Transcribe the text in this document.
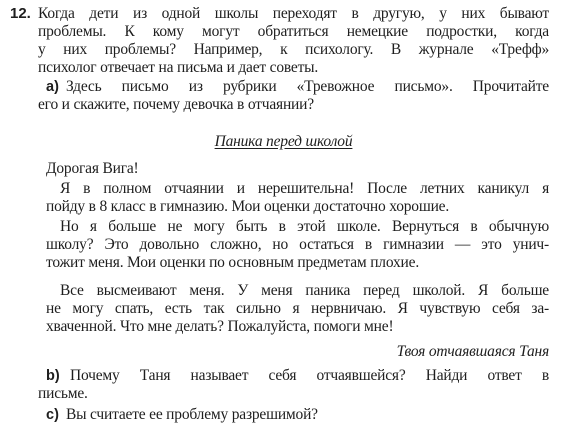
12. Когда дети из одной школы переходят в другую, у них бывают
проблемы. К кому могут обратиться немецкие подростки, когда
у них проблемы? Например, к психологу. В журнале «Трефф»
психолог отвечает на письма и дает советы.
a) Здесь письмо из рубрики «Тревожное письмо». Прочитайте
его и скажите, почему девочка в отчаянии?
Паника перед школой
Дорогая Вига!
Я в полном отчаянии и нерешительна! После летних каникул я
пойду в 8 класс в гимназию. Мои оценки достаточно хорошие.
Но я больше не могу быть в этой школе. Вернуться в обычную
школу? Это довольно сложно, но остаться в гимназии — это унич-
тожит меня. Мои оценки по основным предметам плохие.
Все высмеивают меня. У меня паника перед школой. Я больше
не могу спать, есть так сильно я нервничаю. Я чувствую себя за-
хваченной. Что мне делать? Пожалуйста, помоги мне!
Твоя отчаявшаяся Таня
b) Почему Таня называет себя отчаявшейся? Найди ответ в
письме.
c) Вы считаете ее проблему разрешимой?
